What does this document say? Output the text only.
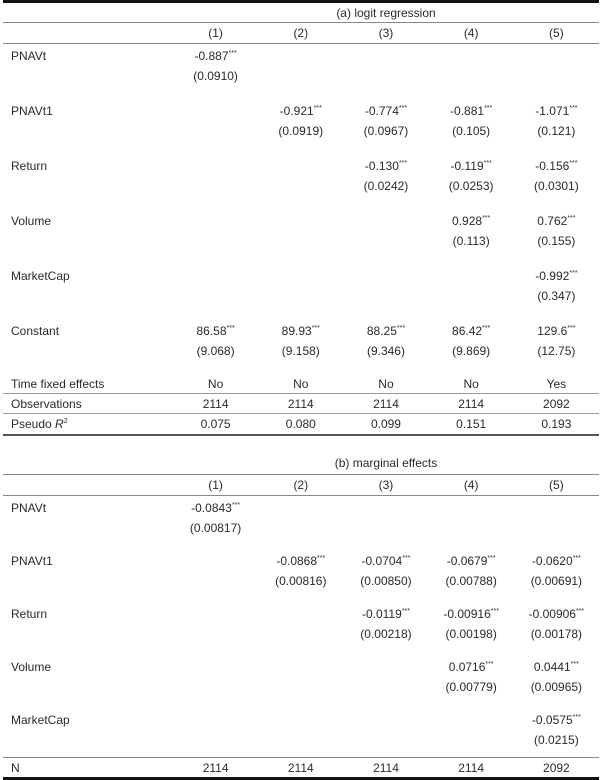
	(a) logit regression				
	(1)	(2)	(3)	(4)	(5)
PNAVt	-0.887***				
	(0.0910)				
PNAVt1		-0.921***	-0.774***	-0.881***	-1.071***
		(0.0919)	(0.0967)	(0.105)	(0.121)
Return			-0.130***	-0.119***	-0.156***
			(0.0242)	(0.0253)	(0.0301)
Volume				0.928***	0.762***
				(0.113)	(0.155)
MarketCap					-0.992***
					(0.347)
Constant	86.58***	89.93***	88.25***	86.42***	129.6***
	(9.068)	(9.158)	(9.346)	(9.869)	(12.75)
Time fixed effects	No	No	No	No	Yes
Observations	2114	2114	2114	2114	2092
Pseudo $R^2$	0.075	0.080	0.099	0.151	0.193
	(b) marginal effects				
	(1)	(2)	(3)	(4)	(5)
PNAVt	-0.0843***				
	(0.00817)				
PNAVt1		-0.0868***	-0.0704***	-0.0679***	-0.0620***
		(0.00816)	(0.00850)	(0.00788)	(0.00691)
Return			-0.0119***	-0.00916***	-0.00906***
			(0.00218)	(0.00198)	(0.00178)
Volume				0.0716***	0.0441***
				(0.00779)	(0.00965)
MarketCap					-0.0575***
					(0.0215)
N	2114	2114	2114	2114	2092
